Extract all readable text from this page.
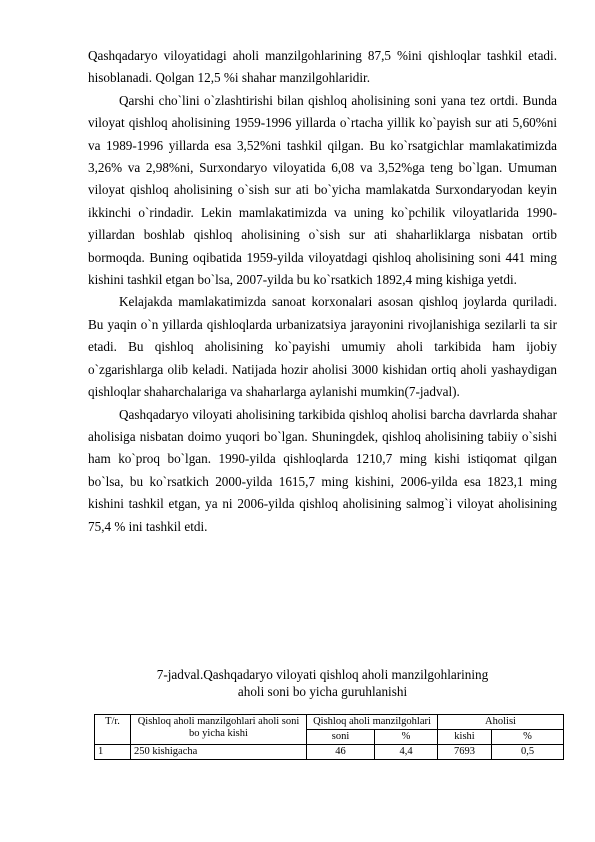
Qashqadaryo viloyatidagi aholi manzilgohlarining 87,5 %ini qishloqlar tashkil etadi. hisoblanadi. Qolgan 12,5 %i shahar manzilgohlaridir.

Qarshi cho`lini o`zlashtirishi bilan qishloq aholisining soni yana tez ortdi. Bunda viloyat qishloq aholisining 1959-1996 yillarda o`rtacha yillik ko`payish sur ati 5,60%ni va 1989-1996 yillarda esa 3,52%ni tashkil qilgan. Bu ko`rsatgichlar mamlakatimizda 3,26% va 2,98%ni, Surxondaryo viloyatida 6,08 va 3,52%ga teng bo`lgan. Umuman viloyat qishloq aholisining o`sish sur ati bo`yicha mamlakatda Surxondaryodan keyin ikkinchi o`rindadir. Lekin mamlakatimizda va uning ko`pchilik viloyatlarida 1990-yillardan boshlab qishloq aholisining o`sish sur ati shaharliklarga nisbatan ortib bormoqda. Buning oqibatida 1959-yilda viloyatdagi qishloq aholisining soni 441 ming kishini tashkil etgan bo`lsa, 2007-yilda bu ko`rsatkich 1892,4 ming kishiga yetdi.

Kelajakda mamlakatimizda sanoat korxonalari asosan qishloq joylarda quriladi. Bu yaqin o`n yillarda qishloqlarda urbanizatsiya jarayonini rivojlanishiga sezilarli ta sir etadi. Bu qishloq aholisining ko`payishi umumiy aholi tarkibida ham ijobiy o`zgarishlarga olib keladi. Natijada hozir aholisi 3000 kishidan ortiq aholi yashaydigan qishloqlar shaharchalariga va shaharlarga aylanishi mumkin(7-jadval).

Qashqadaryo viloyati aholisining tarkibida qishloq aholisi barcha davrlarda shahar aholisiga nisbatan doimo yuqori bo`lgan. Shuningdek, qishloq aholisining tabiiy o`sishi ham ko`proq bo`lgan. 1990-yilda qishloqlarda 1210,7 ming kishi istiqomat qilgan bo`lsa, bu ko`rsatkich 2000-yilda 1615,7 ming kishini, 2006-yilda esa 1823,1 ming kishini tashkil etgan, ya ni 2006-yilda qishloq aholisining salmog`i viloyat aholisining 75,4 % ini tashkil etdi.

7-jadval.Qashqadaryo viloyati qishloq aholi manzilgohlarining
aholi soni bo yicha guruhlanishi
T/r.	Qishloq aholi manzilgohlari aholi soni bo yicha kishi	Qishloq aholi manzilgohlari		Aholisi	
		soni	%	kishi	%
1	250 kishigacha	46	4,4	7693	0,5
